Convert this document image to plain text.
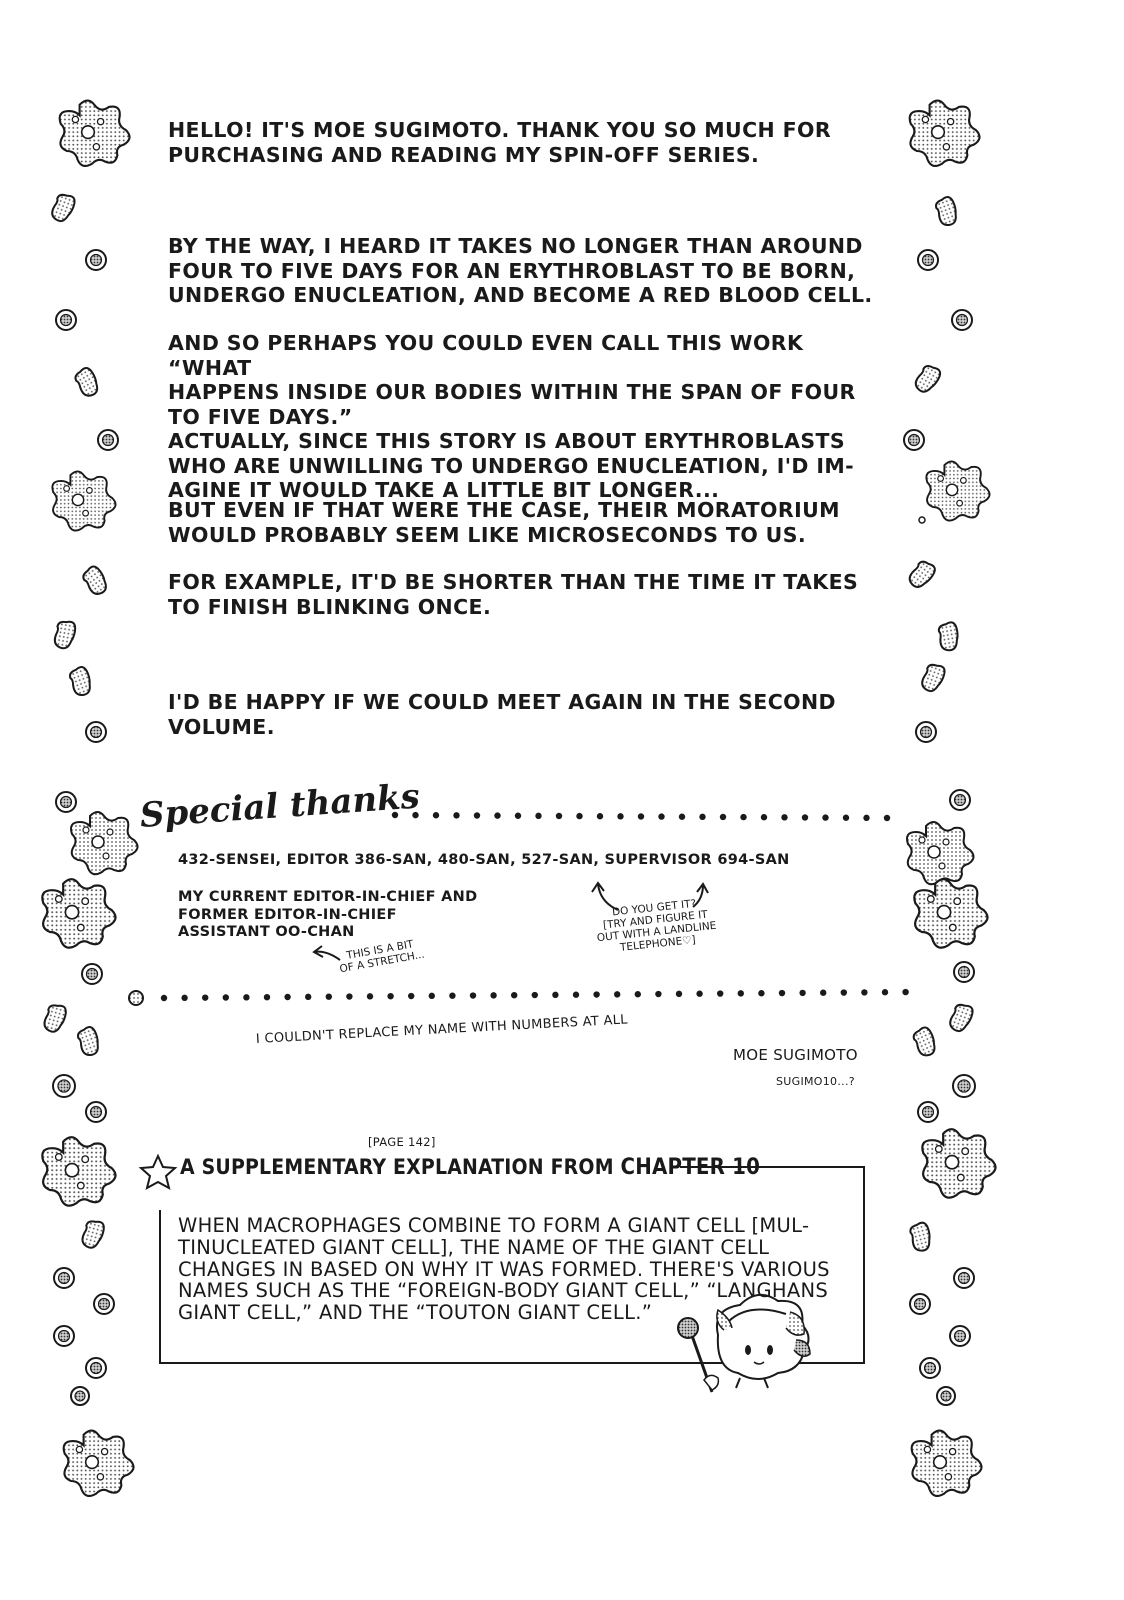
HELLO! IT'S MOE SUGIMOTO. THANK YOU SO MUCH FOR
PURCHASING AND READING MY SPIN-OFF SERIES.

BY THE WAY, I HEARD IT TAKES NO LONGER THAN AROUND
FOUR TO FIVE DAYS FOR AN ERYTHROBLAST TO BE BORN,
UNDERGO ENUCLEATION, AND BECOME A RED BLOOD CELL.

AND SO PERHAPS YOU COULD EVEN CALL THIS WORK “WHAT
HAPPENS INSIDE OUR BODIES WITHIN THE SPAN OF FOUR
TO FIVE DAYS.”
ACTUALLY, SINCE THIS STORY IS ABOUT ERYTHROBLASTS
WHO ARE UNWILLING TO UNDERGO ENUCLEATION, I'D IM-
AGINE IT WOULD TAKE A LITTLE BIT LONGER...

BUT EVEN IF THAT WERE THE CASE, THEIR MORATORIUM
WOULD PROBABLY SEEM LIKE MICROSECONDS TO US.

FOR EXAMPLE, IT'D BE SHORTER THAN THE TIME IT TAKES
TO FINISH BLINKING ONCE.

I'D BE HAPPY IF WE COULD MEET AGAIN IN THE SECOND
VOLUME.

Special thanks

432-SENSEI, EDITOR 386-SAN, 480-SAN, 527-SAN, SUPERVISOR 694-SAN

MY CURRENT EDITOR-IN-CHIEF AND
FORMER EDITOR-IN-CHIEF
ASSISTANT OO-CHAN

THIS IS A BIT
OF A STRETCH...

DO YOU GET IT?
[TRY AND FIGURE IT
OUT WITH A LANDLINE
TELEPHONE♡]

I COULDN'T REPLACE MY NAME WITH NUMBERS AT ALL

MOE SUGIMOTO

SUGIMO10...?

[PAGE 142]

A SUPPLEMENTARY EXPLANATION FROM CHAPTER 10

WHEN MACROPHAGES COMBINE TO FORM A GIANT CELL [MUL-
TINUCLEATED GIANT CELL], THE NAME OF THE GIANT CELL
CHANGES IN BASED ON WHY IT WAS FORMED. THERE'S VARIOUS
NAMES SUCH AS THE “FOREIGN-BODY GIANT CELL,” “LANGHANS
GIANT CELL,” AND THE “TOUTON GIANT CELL.”
